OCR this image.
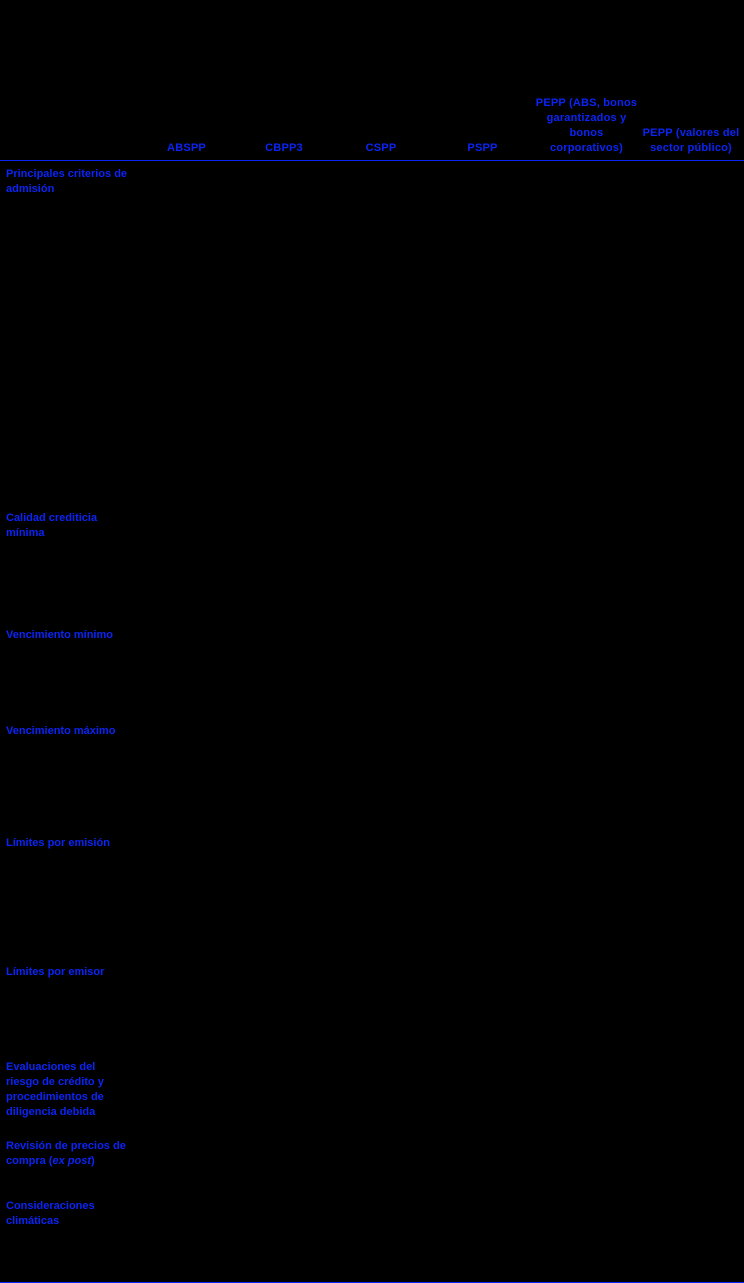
	ABSPP	CBPP3	CSPP	PSPP	PEPP (ABS, bonos garantizados y bonos corporativos)	PEPP (valores del sector público)

Principales criterios de admisión						

Calidad crediticia mínima						

Vencimiento mínimo						

Vencimiento máximo						

Límites por emisión						

Límites por emisor						

Evaluaciones del riesgo de crédito y procedimientos de diligencia debida						

Revisión de precios de compra (ex post)						

Consideraciones climáticas						
